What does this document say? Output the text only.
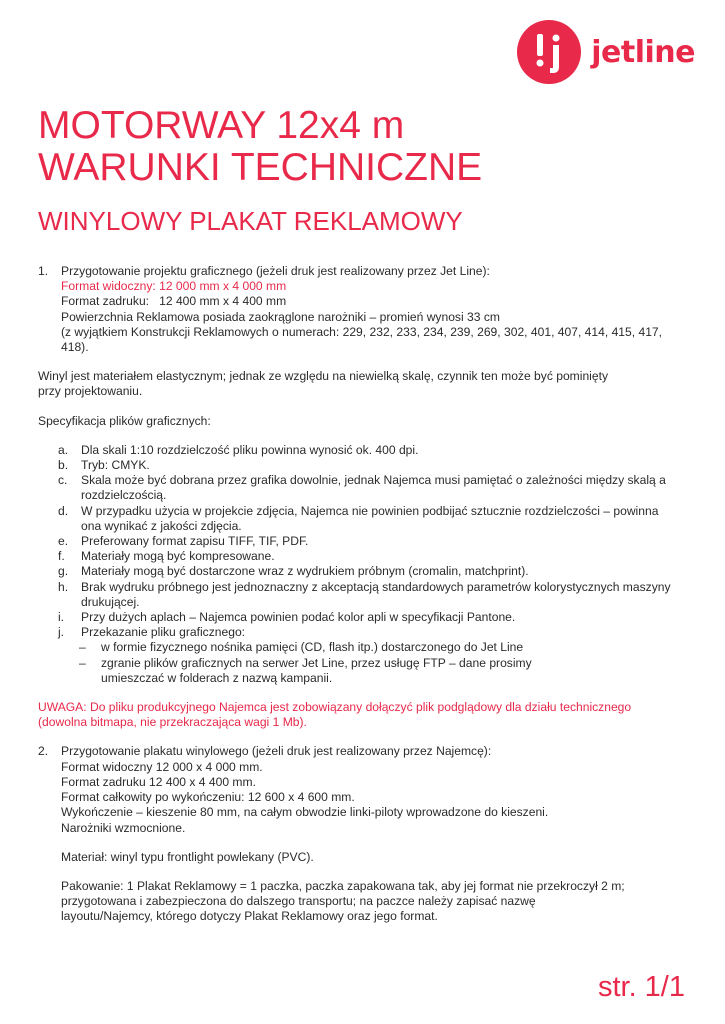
jetline
MOTORWAY 12x4 m
WARUNKI TECHNICZNE
WINYLOWY PLAKAT REKLAMOWY
1.	Przygotowanie projektu graficznego (jeżeli druk jest realizowany przez Jet Line):
Format widoczny: 12 000 mm x 4 000 mm
Format zadruku:   12 400 mm x 4 400 mm
Powierzchnia Reklamowa posiada zaokrąglone narożniki – promień wynosi 33 cm
(z wyjątkiem Konstrukcji Reklamowych o numerach: 229, 232, 233, 234, 239, 269, 302, 401, 407, 414, 415, 417, 418).
Winyl jest materiałem elastycznym; jednak ze względu na niewielką skalę, czynnik ten może być pominięty przy projektowaniu.
Specyfikacja plików graficznych:
a.	Dla skali 1:10 rozdzielczość pliku powinna wynosić ok. 400 dpi.
b.	Tryb: CMYK.
c.	Skala może być dobrana przez grafika dowolnie, jednak Najemca musi pamiętać o zależności między skalą a rozdzielczością.
d.	W przypadku użycia w projekcie zdjęcia, Najemca nie powinien podbijać sztucznie rozdzielczości – powinna ona wynikać z jakości zdjęcia.
e.	Preferowany format zapisu TIFF, TIF, PDF.
f.	Materiały mogą być kompresowane.
g.	Materiały mogą być dostarczone wraz z wydrukiem próbnym (cromalin, matchprint).
h.	Brak wydruku próbnego jest jednoznaczny z akceptacją standardowych parametrów kolorystycznych maszyny drukującej.
i.	Przy dużych aplach – Najemca powinien podać kolor apli w specyfikacji Pantone.
j.	Przekazanie pliku graficznego:
–	w formie fizycznego nośnika pamięci (CD, flash itp.) dostarczonego do Jet Line
–	zgranie plików graficznych na serwer Jet Line, przez usługę FTP – dane prosimy umieszczać w folderach z nazwą kampanii.
UWAGA: Do pliku produkcyjnego Najemca jest zobowiązany dołączyć plik podglądowy dla działu technicznego (dowolna bitmapa, nie przekraczająca wagi 1 Mb).
2.	Przygotowanie plakatu winylowego (jeżeli druk jest realizowany przez Najemcę):
Format widoczny 12 000 x 4 000 mm.
Format zadruku 12 400 x 4 400 mm.
Format całkowity po wykończeniu: 12 600 x 4 600 mm.
Wykończenie – kieszenie 80 mm, na całym obwodzie linki-piloty wprowadzone do kieszeni.
Narożniki wzmocnione.
Materiał: winyl typu frontlight powlekany (PVC).
Pakowanie: 1 Plakat Reklamowy = 1 paczka, paczka zapakowana tak, aby jej format nie przekroczył 2 m; przygotowana i zabezpieczona do dalszego transportu; na paczce należy zapisać nazwę layoutu/Najemcy, którego dotyczy Plakat Reklamowy oraz jego format.
str. 1/1
